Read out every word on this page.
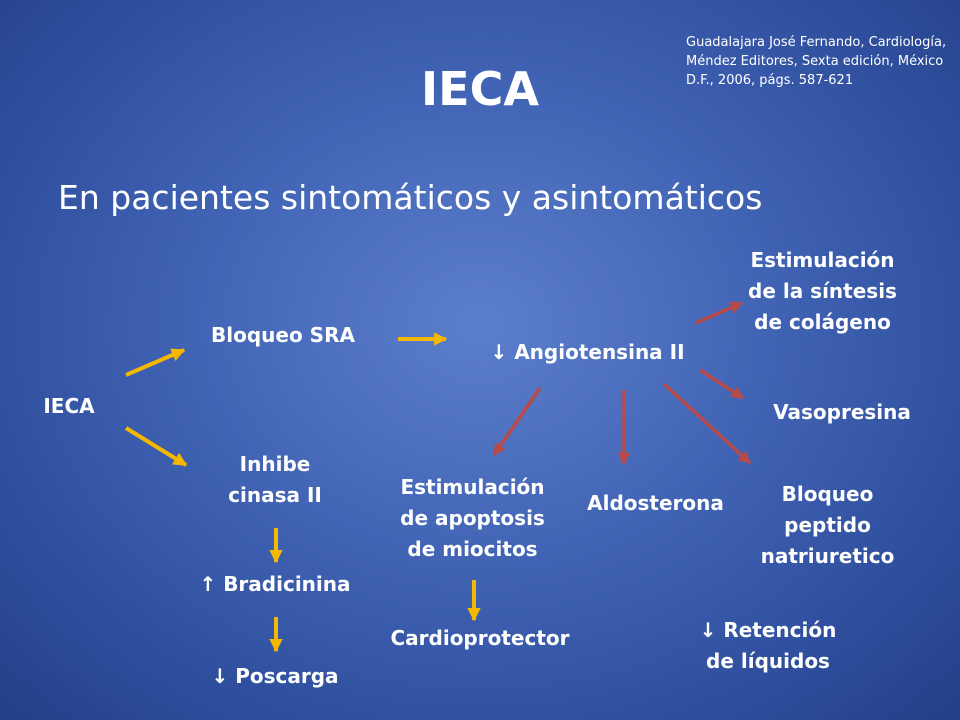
IECA
En pacientes sintomáticos y asintomáticos
Guadalajara José Fernando, Cardiología, Méndez Editores, Sexta edición, México D.F., 2006, págs. 587-621
IECA
Bloqueo SRA
↓ Angiotensina II
Estimulación
de la síntesis
de colágeno
Vasopresina
Bloqueo
peptido
natriuretico
Aldosterona
Estimulación
de apoptosis
de miocitos
Cardioprotector
Inhibe
cinasa II
↑ Bradicinina
↓ Poscarga
↓ Retención
de líquidos
